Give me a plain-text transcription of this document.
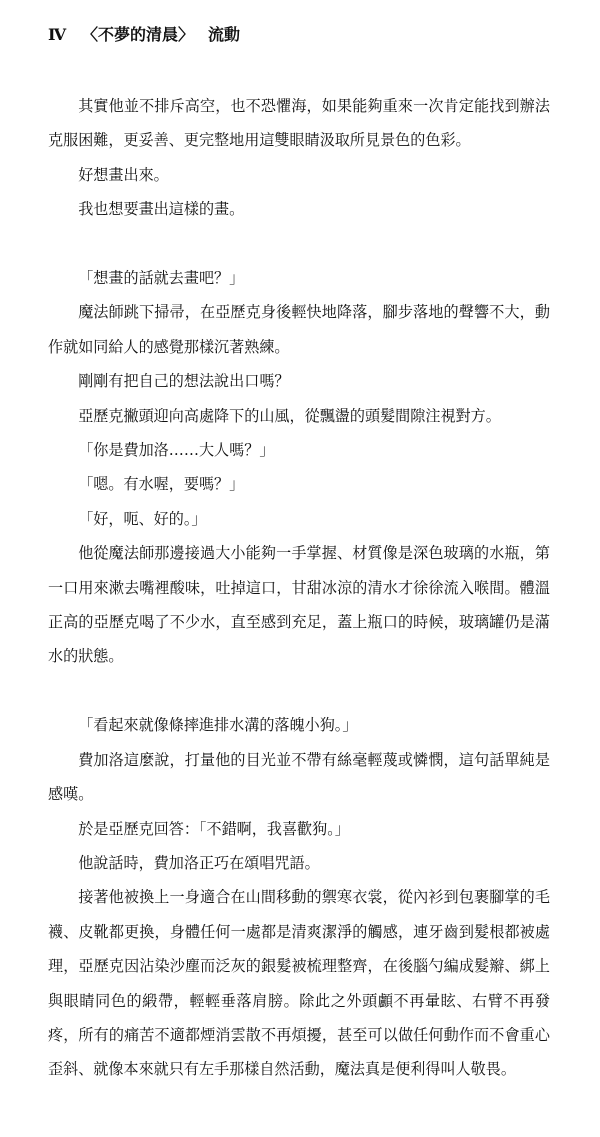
Ⅳ 〈不夢的清晨〉 流動

其實他並不排斥高空，也不恐懼海，如果能夠重來一次肯定能找到辦法克服困難，更妥善、更完整地用這雙眼睛汲取所見景色的色彩。

好想畫出來。

我也想要畫出這樣的畫。

「想畫的話就去畫吧？」

魔法師跳下掃帚，在亞歷克身後輕快地降落，腳步落地的聲響不大，動作就如同給人的感覺那樣沉著熟練。

剛剛有把自己的想法說出口嗎？

亞歷克撇頭迎向高處降下的山風，從飄盪的頭髮間隙注視對方。

「你是費加洛……大人嗎？」

「嗯。有水喔，要嗎？」

「好，呃、好的。」

他從魔法師那邊接過大小能夠一手掌握、材質像是深色玻璃的水瓶，第一口用來漱去嘴裡酸味，吐掉這口，甘甜冰涼的清水才徐徐流入喉間。體溫正高的亞歷克喝了不少水，直至感到充足，蓋上瓶口的時候，玻璃罐仍是滿水的狀態。

「看起來就像條摔進排水溝的落魄小狗。」

費加洛這麼說，打量他的目光並不帶有絲毫輕蔑或憐憫，這句話單純是感嘆。

於是亞歷克回答：「不錯啊，我喜歡狗。」

他說話時，費加洛正巧在頌唱咒語。

接著他被換上一身適合在山間移動的禦寒衣裳，從內衫到包裹腳掌的毛襪、皮靴都更換，身體任何一處都是清爽潔淨的觸感，連牙齒到髮根都被處理，亞歷克因沾染沙塵而泛灰的銀髮被梳理整齊，在後腦勺編成髮辮、綁上與眼睛同色的緞帶，輕輕垂落肩膀。除此之外頭顱不再暈眩、右臂不再發疼，所有的痛苦不適都煙消雲散不再煩擾，甚至可以做任何動作而不會重心歪斜、就像本來就只有左手那樣自然活動，魔法真是便利得叫人敬畏。
